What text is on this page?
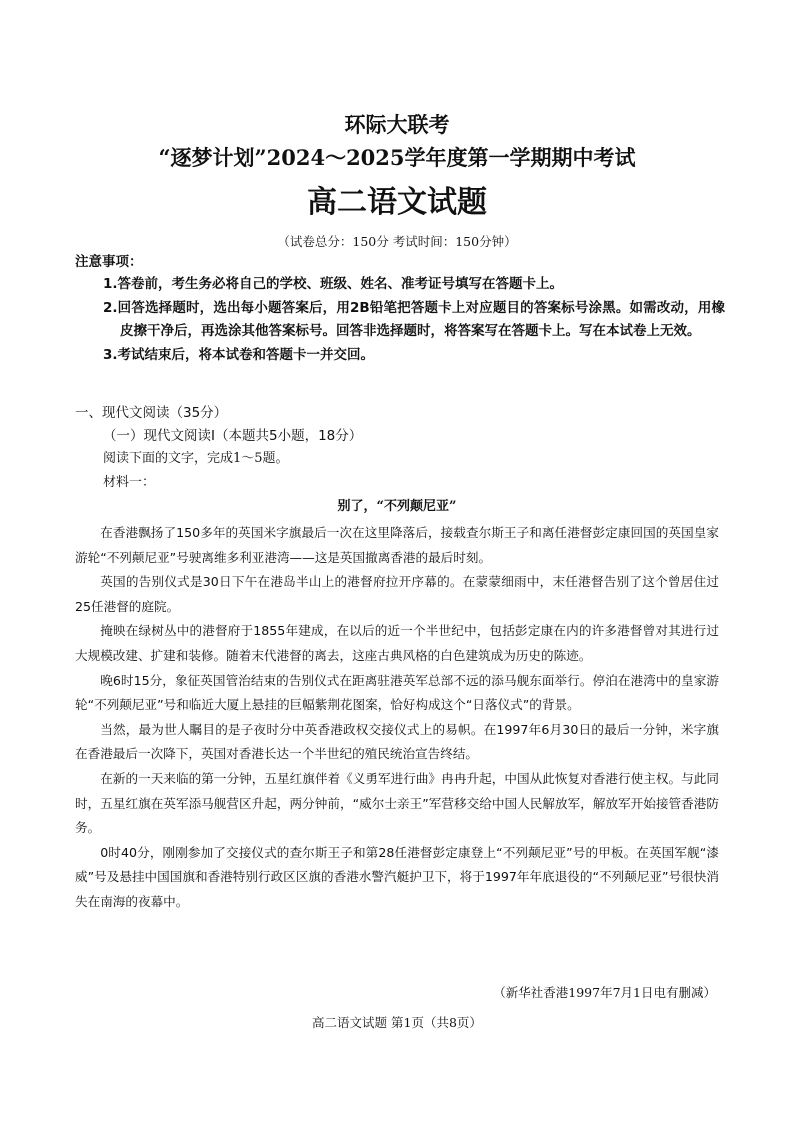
环际大联考
“逐梦计划”2024～2025学年度第一学期期中考试
高二语文试题
（试卷总分：150分 考试时间：150分钟）
注意事项：

1.答卷前，考生务必将自己的学校、班级、姓名、准考证号填写在答题卡上。

2.回答选择题时，选出每小题答案后，用2B铅笔把答题卡上对应题目的答案标号涂黑。如需改动，用橡皮擦干净后，再选涂其他答案标号。回答非选择题时，将答案写在答题卡上。写在本试卷上无效。

3.考试结束后，将本试卷和答题卡一并交回。

一、现代文阅读（35分）
（一）现代文阅读Ⅰ（本题共5小题，18分）
阅读下面的文字，完成1～5题。
材料一：
别了，“不列颠尼亚”

在香港飘扬了150多年的英国米字旗最后一次在这里降落后，接载查尔斯王子和离任港督彭定康回国的英国皇家游轮“不列颠尼亚”号驶离维多利亚港湾——这是英国撤离香港的最后时刻。

英国的告别仪式是30日下午在港岛半山上的港督府拉开序幕的。在蒙蒙细雨中，末任港督告别了这个曾居住过25任港督的庭院。

掩映在绿树丛中的港督府于1855年建成，在以后的近一个半世纪中，包括彭定康在内的许多港督曾对其进行过大规模改建、扩建和装修。随着末代港督的离去，这座古典风格的白色建筑成为历史的陈迹。

晚6时15分，象征英国管治结束的告别仪式在距离驻港英军总部不远的添马舰东面举行。停泊在港湾中的皇家游轮“不列颠尼亚”号和临近大厦上悬挂的巨幅紫荆花图案，恰好构成这个“日落仪式”的背景。

当然，最为世人瞩目的是子夜时分中英香港政权交接仪式上的易帜。在1997年6月30日的最后一分钟，米字旗在香港最后一次降下，英国对香港长达一个半世纪的殖民统治宣告终结。

在新的一天来临的第一分钟，五星红旗伴着《义勇军进行曲》冉冉升起，中国从此恢复对香港行使主权。与此同时，五星红旗在英军添马舰营区升起，两分钟前，“威尔士亲王”军营移交给中国人民解放军，解放军开始接管香港防务。

0时40分，刚刚参加了交接仪式的查尔斯王子和第28任港督彭定康登上“不列颠尼亚”号的甲板。在英国军舰“漆威”号及悬挂中国国旗和香港特别行政区区旗的香港水警汽艇护卫下，将于1997年年底退役的“不列颠尼亚”号很快消失在南海的夜幕中。

（新华社香港1997年7月1日电有删减）
高二语文试题 第1页（共8页）
